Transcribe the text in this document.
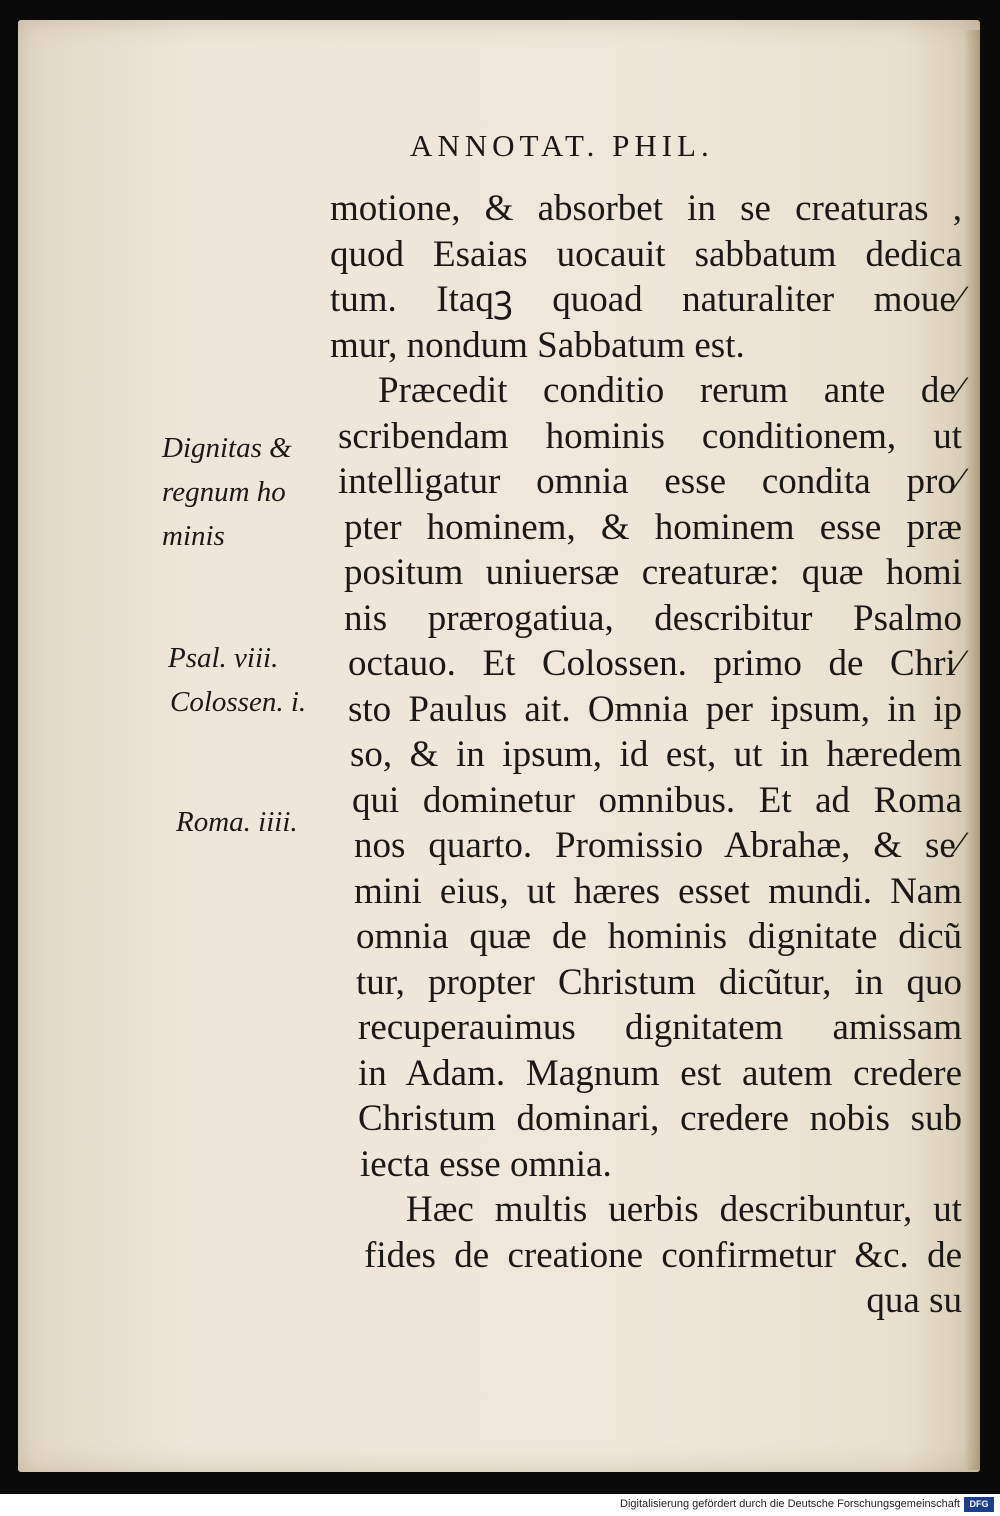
ANNOTAT. PHIL.
motione, & absorbet in se creaturas ,
quod Esaias uocauit sabbatum dedica
tum. Itaqꝫ quoad naturaliter moue⁄
mur, nondum Sabbatum est.
Præcedit conditio rerum ante de⁄
scribendam hominis conditionem, ut
intelligatur omnia esse condita pro⁄
pter hominem, & hominem esse præ
positum uniuersæ creaturæ: quæ homi
nis prærogatiua, describitur Psalmo
octauo. Et Colossen. primo de Chri⁄
sto Paulus ait. Omnia per ipsum, in ip
so, & in ipsum, id est, ut in hæredem
qui dominetur omnibus. Et ad Roma
nos quarto. Promissio Abrahæ, & se⁄
mini eius, ut hæres esset mundi. Nam
omnia quæ de hominis dignitate dicũ
tur, propter Christum dicũtur, in quo
recuperauimus dignitatem amissam
in Adam. Magnum est autem credere
Christum dominari, credere nobis sub
iecta esse omnia.
Hæc multis uerbis describuntur, ut
fides de creatione confirmetur &c. de
qua su
Dignitas &
regnum ho
minis
Psal. viii.
Colossen. i.
Roma. iiii.
Digitalisierung gefördert durch die Deutsche Forschungsgemeinschaft	DFG
